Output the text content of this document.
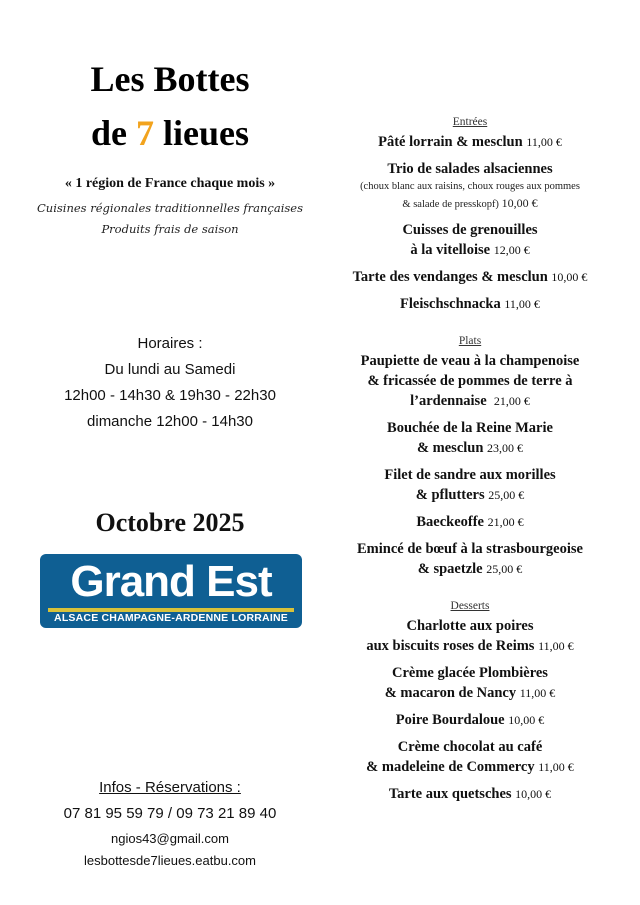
Les Bottes
de 7 lieues
« 1 région de France chaque mois »
Cuisines régionales traditionnelles françaises
Produits frais de saison
Horaires :
Du lundi au Samedi
12h00 - 14h30 & 19h30 - 22h30
dimanche 12h00 - 14h30
Octobre 2025
Grand Est
ALSACE CHAMPAGNE-ARDENNE LORRAINE
Infos - Réservations :
07 81 95 59 79 / 09 73 21 89 40
ngios43@gmail.com
lesbottesde7lieues.eatbu.com
Entrées
Pâté lorrain & mesclun 11,00 €
Trio de salades alsaciennes
(choux blanc aux raisins, choux rouges aux pommes
& salade de presskopf) 10,00 €
Cuisses de grenouilles
à la vitelloise 12,00 €
Tarte des vendanges & mesclun 10,00 €
Fleischschnacka 11,00 €
Plats
Paupiette de veau à la champenoise
& fricassée de pommes de terre à
l’ardennaise 21,00 €
Bouchée de la Reine Marie
& mesclun 23,00 €
Filet de sandre aux morilles
& pflutters 25,00 €
Baeckeoffe 21,00 €
Emincé de bœuf à la strasbourgeoise
& spaetzle 25,00 €
Desserts
Charlotte aux poires
aux biscuits roses de Reims 11,00 €
Crème glacée Plombières
& macaron de Nancy 11,00 €
Poire Bourdaloue 10,00 €
Crème chocolat au café
& madeleine de Commercy 11,00 €
Tarte aux quetsches 10,00 €
